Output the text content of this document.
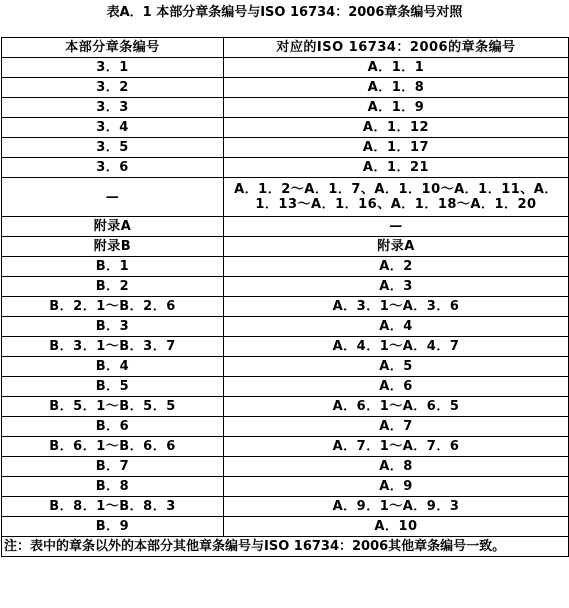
表A．1 本部分章条编号与ISO 16734：2006章条编号对照
本部分章条编号	对应的ISO 16734：2006的章条编号
3．1	A．1．1
3．2	A．1．8
3．3	A．1．9
3．4	A．1．12
3．5	A．1．17
3．6	A．1．21
—	A．1．2～A．1．7、A．1．10～A．1．11、A．1．13～A．1．16、A．1．18～A．1．20
附录A	—
附录B	附录A
B．1	A．2
B．2	A．3
B．2．1～B．2．6	A．3．1～A．3．6
B．3	A．4
B．3．1～B．3．7	A．4．1～A．4．7
B．4	A．5
B．5	A．6
B．5．1～B．5．5	A．6．1～A．6．5
B．6	A．7
B．6．1～B．6．6	A．7．1～A．7．6
B．7	A．8
B．8	A．9
B．8．1～B．8．3	A．9．1～A．9．3
B．9	A．10
注：表中的章条以外的本部分其他章条编号与ISO 16734：2006其他章条编号一致。	
